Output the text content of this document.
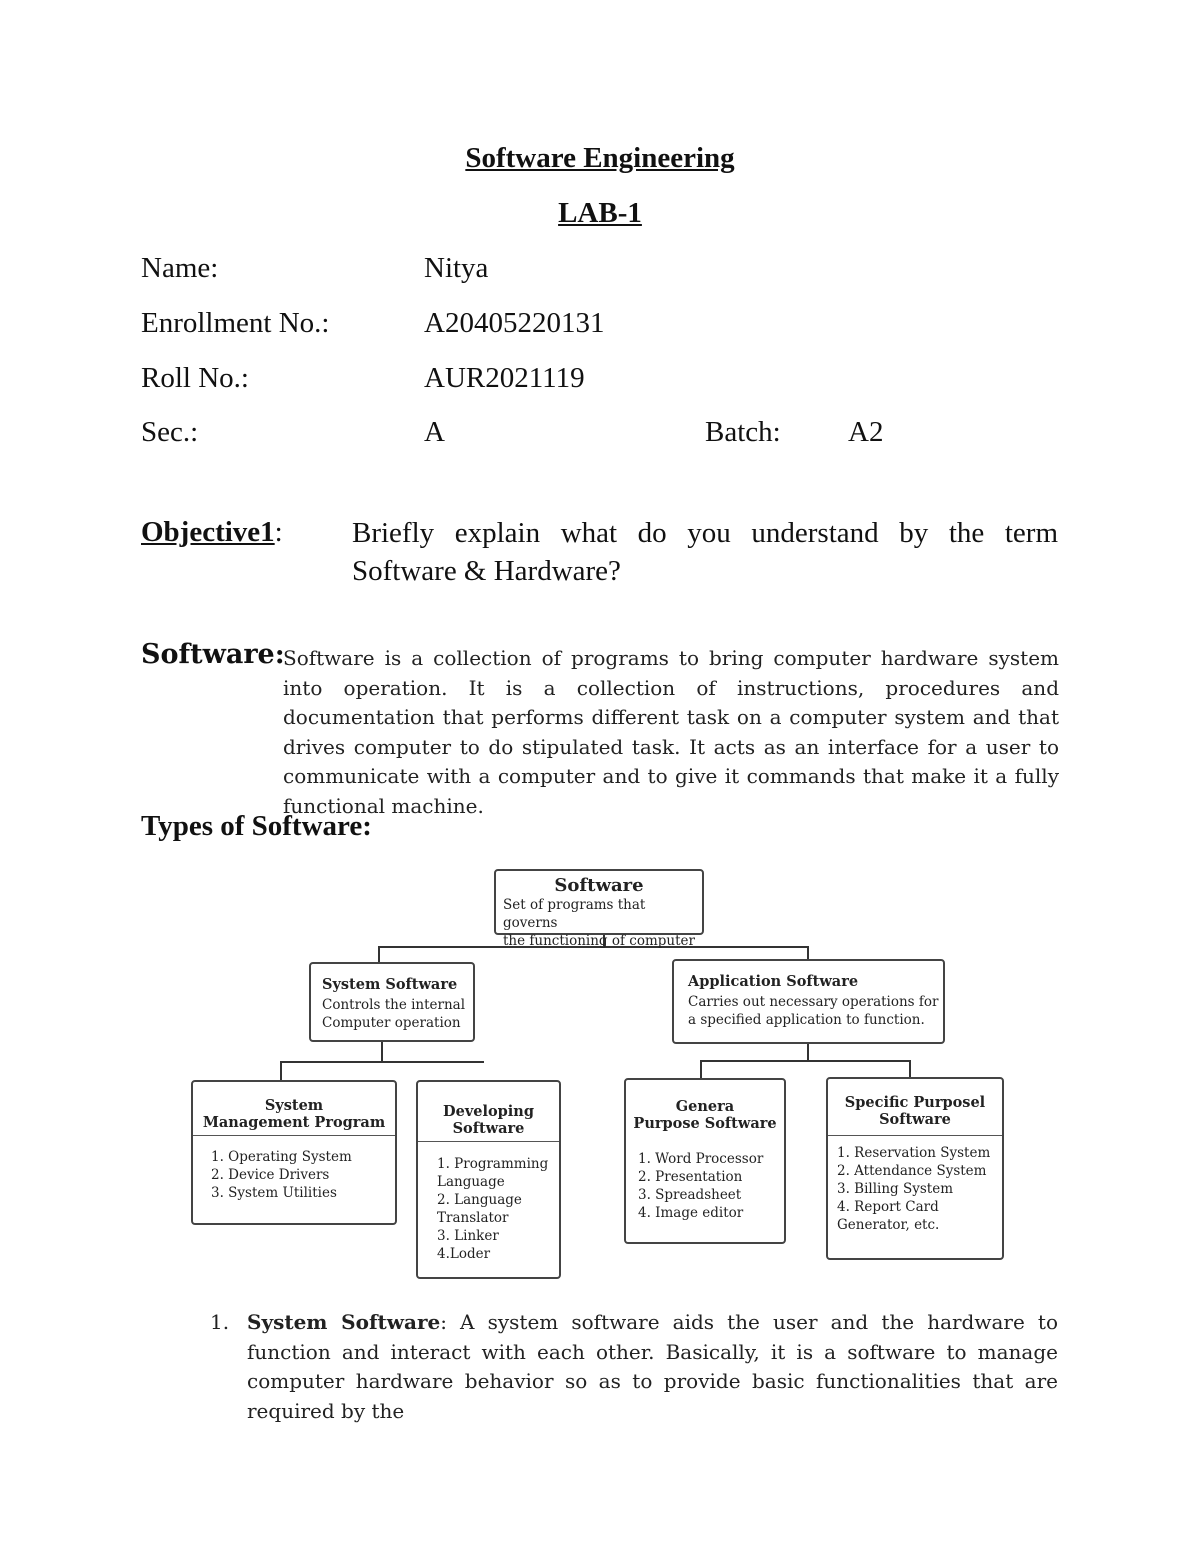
Software Engineering
LAB-1
Name:	Nitya
Enrollment No.:	A20405220131
Roll No.:	AUR2021119
Sec.:	A	Batch: A2
Objective1: Briefly explain what do you understand by the term Software & Hardware?
Software:
Software is a collection of programs to bring computer hardware system into operation. It is a collection of instructions, procedures and documentation that performs different task on a computer system and that drives computer to do stipulated task. It acts as an interface for a user to communicate with a computer and to give it commands that make it a fully functional machine.
Types of Software:
Software
Set of programs that governs
the functioning of computer
System Software
Controls the internal
Computer operation
Application Software
Carries out necessary operations for
a specified application to function.
System
Management Program
1. Operating System
2. Device Drivers
3. System Utilities
Developing
Software
1. Programming
Language
2. Language
Translator
3. Linker
4.Loder
Genera
Purpose Software
1. Word Processor
2. Presentation
3. Spreadsheet
4. Image editor
Specific Purposel
Software
1. Reservation System
2. Attendance System
3. Billing System
4. Report Card
Generator, etc.
1. System Software: A system software aids the user and the hardware to function and interact with each other. Basically, it is a software to manage computer hardware behavior so as to provide basic functionalities that are required by the
